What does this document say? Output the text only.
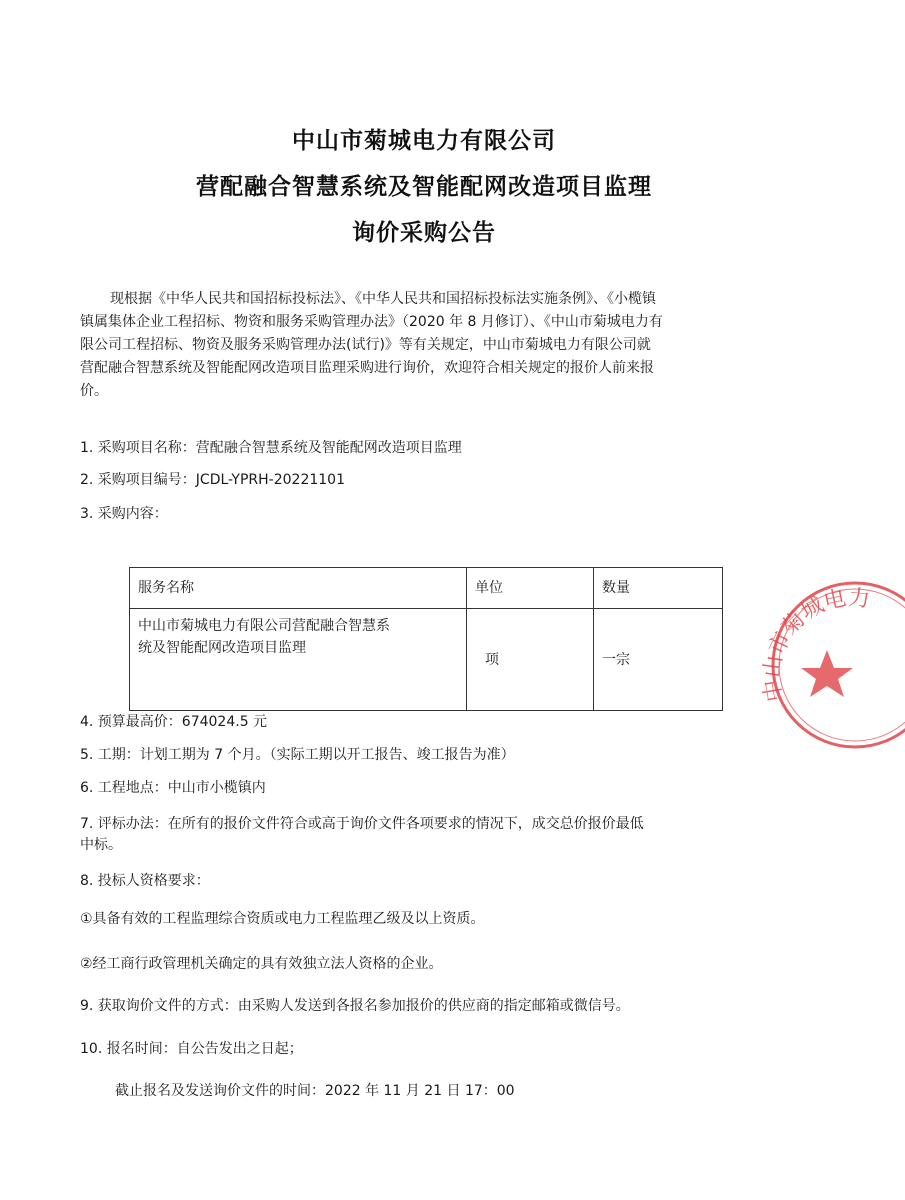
中山市菊城电力有限公司
营配融合智慧系统及智能配网改造项目监理
询价采购公告
现根据《中华人民共和国招标投标法》、《中华人民共和国招标投标法实施条例》、《小榄镇
镇属集体企业工程招标、物资和服务采购管理办法》（2020 年 8 月修订）、《中山市菊城电力有
限公司工程招标、物资及服务采购管理办法(试行)》等有关规定，中山市菊城电力有限公司就
营配融合智慧系统及智能配网改造项目监理采购进行询价，欢迎符合相关规定的报价人前来报
价。
1. 采购项目名称：营配融合智慧系统及智能配网改造项目监理
2. 采购项目编号：JCDL-YPRH-20221101
3. 采购内容：
服务名称	单位	数量

中山市菊城电力有限公司营配融合智慧系
统及智能配网改造项目监理	项	一宗
4. 预算最高价：674024.5 元
5. 工期：计划工期为 7 个月。（实际工期以开工报告、竣工报告为准）
6. 工程地点：中山市小榄镇内
7. 评标办法：在所有的报价文件符合或高于询价文件各项要求的情况下，成交总价报价最低
中标。
8. 投标人资格要求：
①具备有效的工程监理综合资质或电力工程监理乙级及以上资质。
②经工商行政管理机关确定的具有效独立法人资格的企业。
9. 获取询价文件的方式：由采购人发送到各报名参加报价的供应商的指定邮箱或微信号。
10. 报名时间：自公告发出之日起；
截止报名及发送询价文件的时间：2022 年 11 月 21 日 17：00
中山市菊城电力
